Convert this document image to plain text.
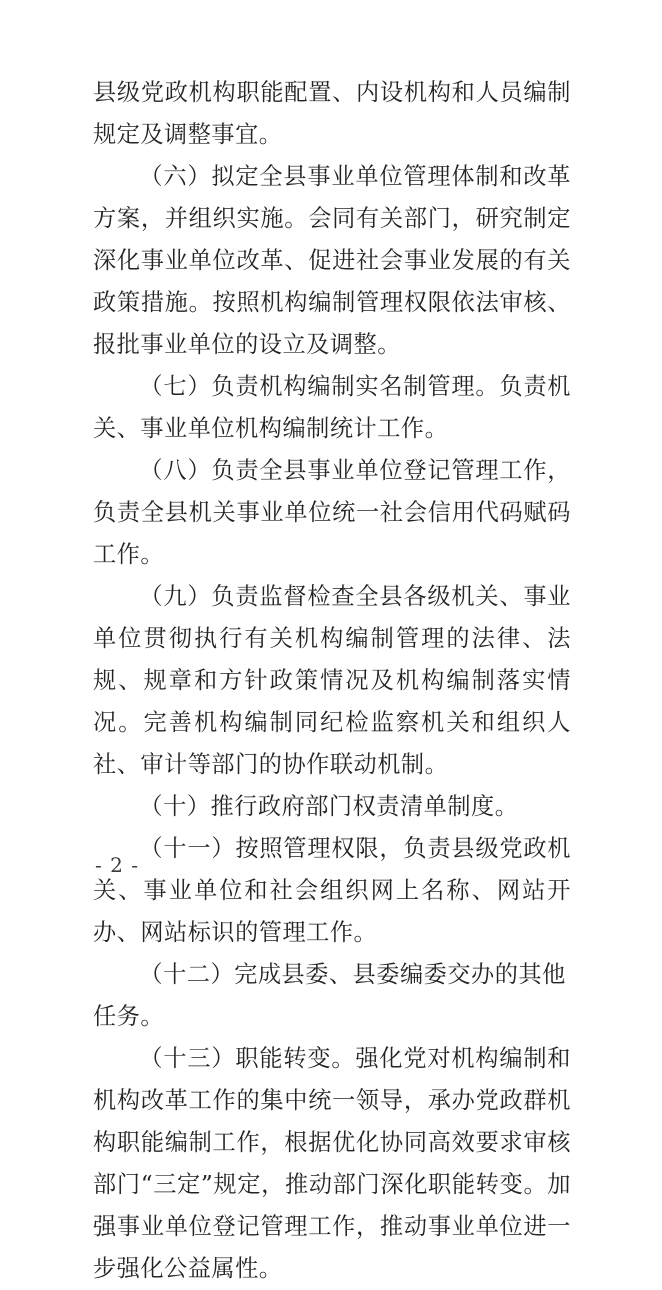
县级党政机构职能配置、内设机构和人员编制规定及调整事宜。

（六）拟定全县事业单位管理体制和改革方案，并组织实施。会同有关部门，研究制定深化事业单位改革、促进社会事业发展的有关政策措施。按照机构编制管理权限依法审核、报批事业单位的设立及调整。

（七）负责机构编制实名制管理。负责机关、事业单位机构编制统计工作。

（八）负责全县事业单位登记管理工作，负责全县机关事业单位统一社会信用代码赋码工作。

（九）负责监督检查全县各级机关、事业单位贯彻执行有关机构编制管理的法律、法规、规章和方针政策情况及机构编制落实情况。完善机构编制同纪检监察机关和组织人社、审计等部门的协作联动机制。

（十）推行政府部门权责清单制度。

（十一）按照管理权限，负责县级党政机关、事业单位和社会组织网上名称、网站开办、网站标识的管理工作。

（十二）完成县委、县委编委交办的其他任务。

（十三）职能转变。强化党对机构编制和机构改革工作的集中统一领导，承办党政群机构职能编制工作，根据优化协同高效要求审核部门“三定”规定，推动部门深化职能转变。加强事业单位登记管理工作，推动事业单位进一步强化公益属性。

- 2 -
